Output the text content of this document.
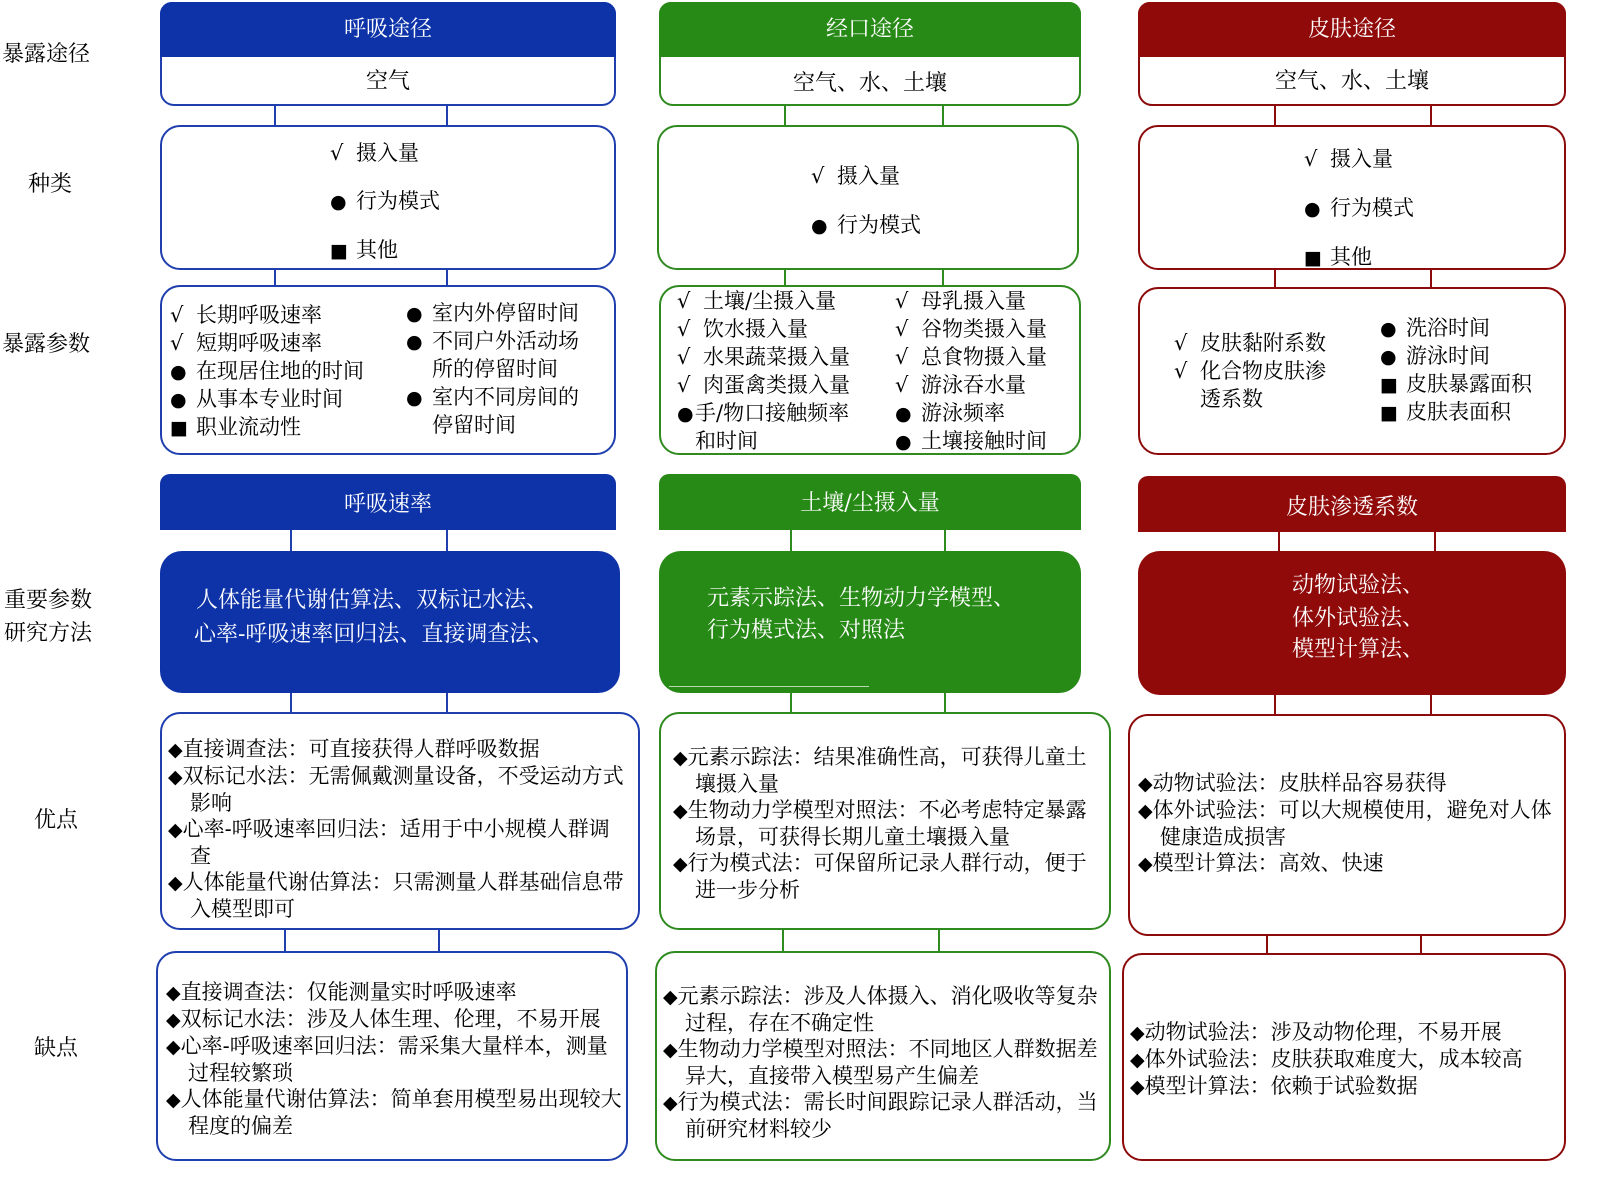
暴露途径
种类
暴露参数
重要参数
研究方法
优点
缺点
呼吸途径
空气
√ 摄入量
● 行为模式
■ 其他
√ 长期呼吸速率
√ 短期呼吸速率
● 在现居住地的时间
● 从事本专业时间
■ 职业流动性
● 室内外停留时间
● 不同户外活动场
所的停留时间
● 室内不同房间的
停留时间
呼吸速率
人体能量代谢估算法、双标记水法、
心率-呼吸速率回归法、直接调查法、
◆直接调查法：可直接获得人群呼吸数据
◆双标记水法：无需佩戴测量设备，不受运动方式影响
◆心率-呼吸速率回归法：适用于中小规模人群调查
◆人体能量代谢估算法：只需测量人群基础信息带入模型即可
◆直接调查法：仅能测量实时呼吸速率
◆双标记水法：涉及人体生理、伦理，不易开展
◆心率-呼吸速率回归法：需采集大量样本，测量过程较繁琐
◆人体能量代谢估算法：简单套用模型易出现较大程度的偏差
经口途径
空气、水、土壤
√ 摄入量
● 行为模式
√ 土壤/尘摄入量
√ 饮水摄入量
√ 水果蔬菜摄入量
√ 肉蛋禽类摄入量
●手/物口接触频率
和时间
√ 母乳摄入量
√ 谷物类摄入量
√ 总食物摄入量
√ 游泳吞水量
● 游泳频率
● 土壤接触时间
土壤/尘摄入量
元素示踪法、生物动力学模型、
行为模式法、对照法
◆元素示踪法：结果准确性高，可获得儿童土壤摄入量
◆生物动力学模型对照法：不必考虑特定暴露场景，可获得长期儿童土壤摄入量
◆行为模式法：可保留所记录人群行动，便于进一步分析
◆元素示踪法：涉及人体摄入、消化吸收等复杂过程，存在不确定性
◆生物动力学模型对照法：不同地区人群数据差异大，直接带入模型易产生偏差
◆行为模式法：需长时间跟踪记录人群活动，当前研究材料较少
皮肤途径
空气、水、土壤
√ 摄入量
● 行为模式
■ 其他
√ 皮肤黏附系数
√ 化合物皮肤渗
透系数
● 洗浴时间
● 游泳时间
■ 皮肤暴露面积
■ 皮肤表面积
皮肤渗透系数
动物试验法、
体外试验法、
模型计算法、
◆动物试验法：皮肤样品容易获得
◆体外试验法：可以大规模使用，避免对人体健康造成损害
◆模型计算法：高效、快速
◆动物试验法：涉及动物伦理，不易开展
◆体外试验法：皮肤获取难度大，成本较高
◆模型计算法：依赖于试验数据
